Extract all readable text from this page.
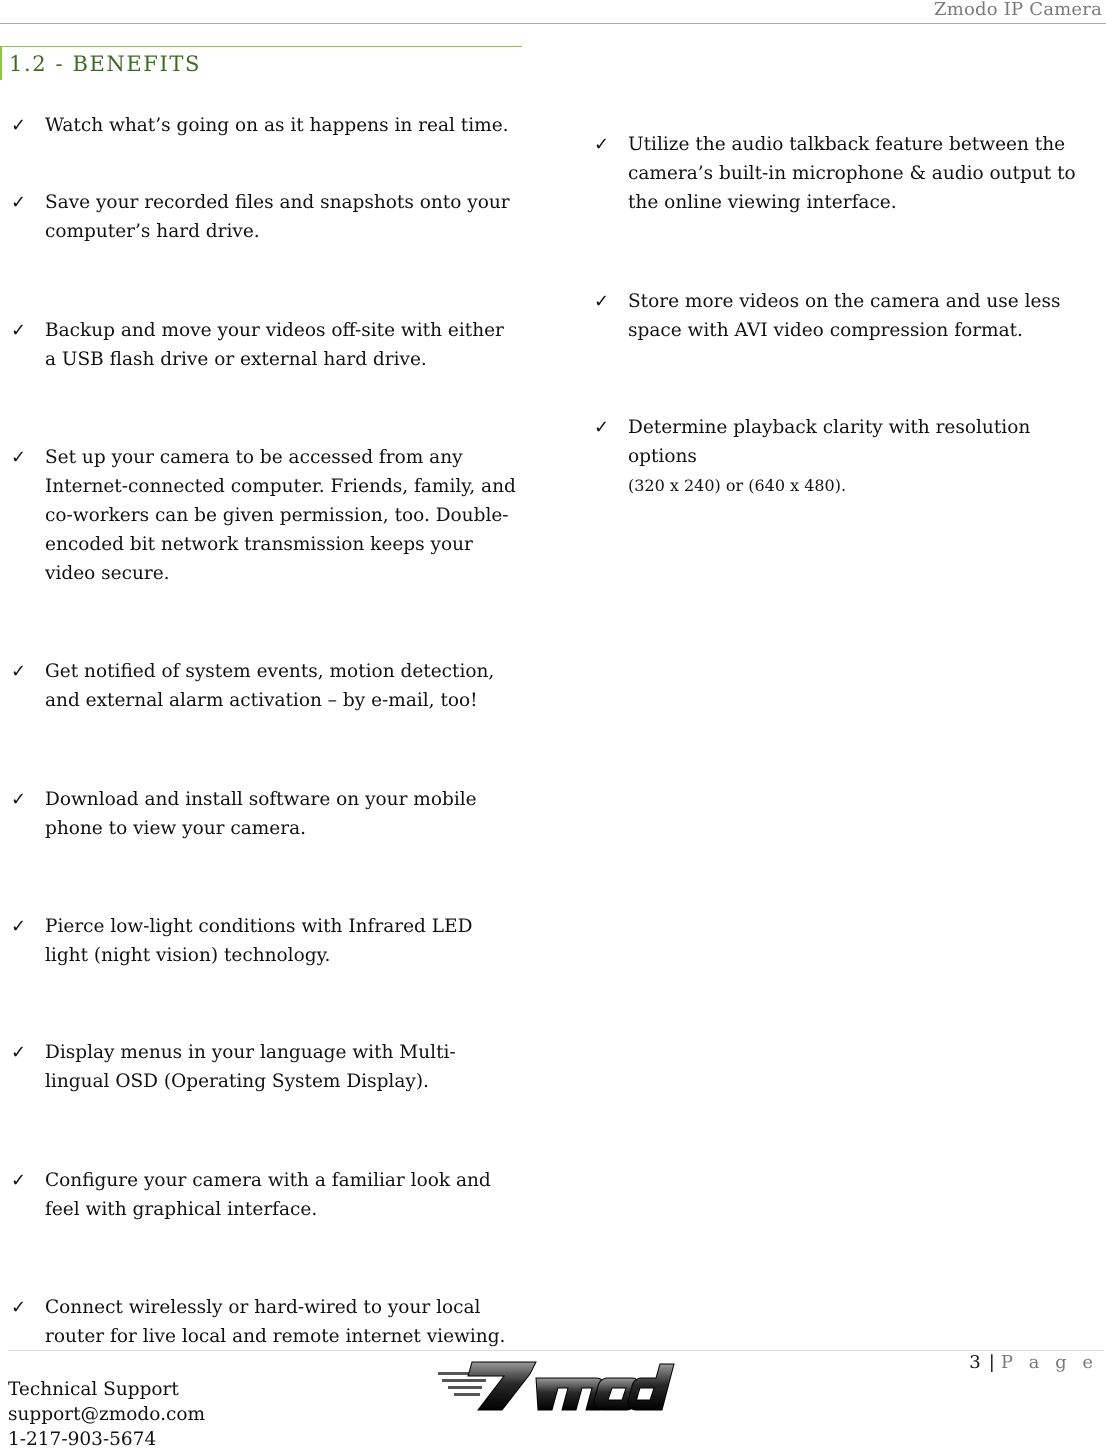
Zmodo IP Camera
1.2 - BENEFITS
✓ Watch what’s going on as it happens in real time.
✓ Save your recorded files and snapshots onto your computer’s hard drive.
✓ Backup and move your videos off-site with either a USB flash drive or external hard drive.
✓ Set up your camera to be accessed from any Internet-connected computer. Friends, family, and co-workers can be given permission, too. Double-encoded bit network transmission keeps your video secure.
✓ Get notified of system events, motion detection, and external alarm activation – by e-mail, too!
✓ Download and install software on your mobile phone to view your camera.
✓ Pierce low-light conditions with Infrared LED light (night vision) technology.
✓ Display menus in your language with Multi-lingual OSD (Operating System Display).
✓ Configure your camera with a familiar look and feel with graphical interface.
✓ Connect wirelessly or hard-wired to your local router for live local and remote internet viewing.
✓ Utilize the audio talkback feature between the camera’s built-in microphone & audio output to the online viewing interface.
✓ Store more videos on the camera and use less space with AVI video compression format.
✓ Determine playback clarity with resolution options
(320 x 240) or (640 x 480).
3 | P a g e
Technical Support
support@zmodo.com
1-217-903-5674
